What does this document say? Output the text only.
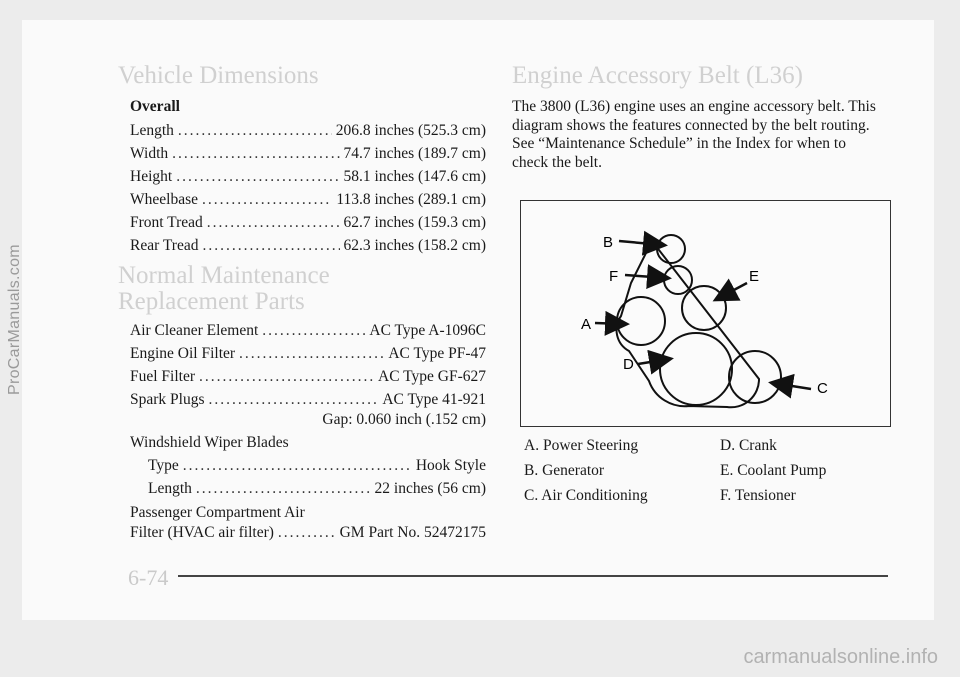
ProCarManuals.com
carmanualsonline.info
Vehicle Dimensions
Overall
Length .....	206.8 inches (525.3 cm)
Width .....	74.7 inches (189.7 cm)
Height .....	58.1 inches (147.6 cm)
Wheelbase .....	113.8 inches (289.1 cm)
Front Tread .....	62.7 inches (159.3 cm)
Rear Tread .....	62.3 inches (158.2 cm)
Normal Maintenance
Replacement Parts
Air Cleaner Element .....	AC Type A-1096C
Engine Oil Filter .....	AC Type PF-47
Fuel Filter .....	AC Type GF-627
Spark Plugs .....	AC Type 41-921
Gap: 0.060 inch (.152 cm)
Windshield Wiper Blades
Type .....	Hook Style
Length .....	22 inches (56 cm)
Passenger Compartment Air
Filter (HVAC air filter) .....	GM Part No. 52472175
Engine Accessory Belt (L36)
The 3800 (L36) engine uses an engine accessory belt. This diagram shows the features connected by the belt routing. See “Maintenance Schedule” in the Index for when to check the belt.
B
F	E
A
D
C
A. Power Steering
B. Generator
C. Air Conditioning
D. Crank
E. Coolant Pump
F. Tensioner
6-74
